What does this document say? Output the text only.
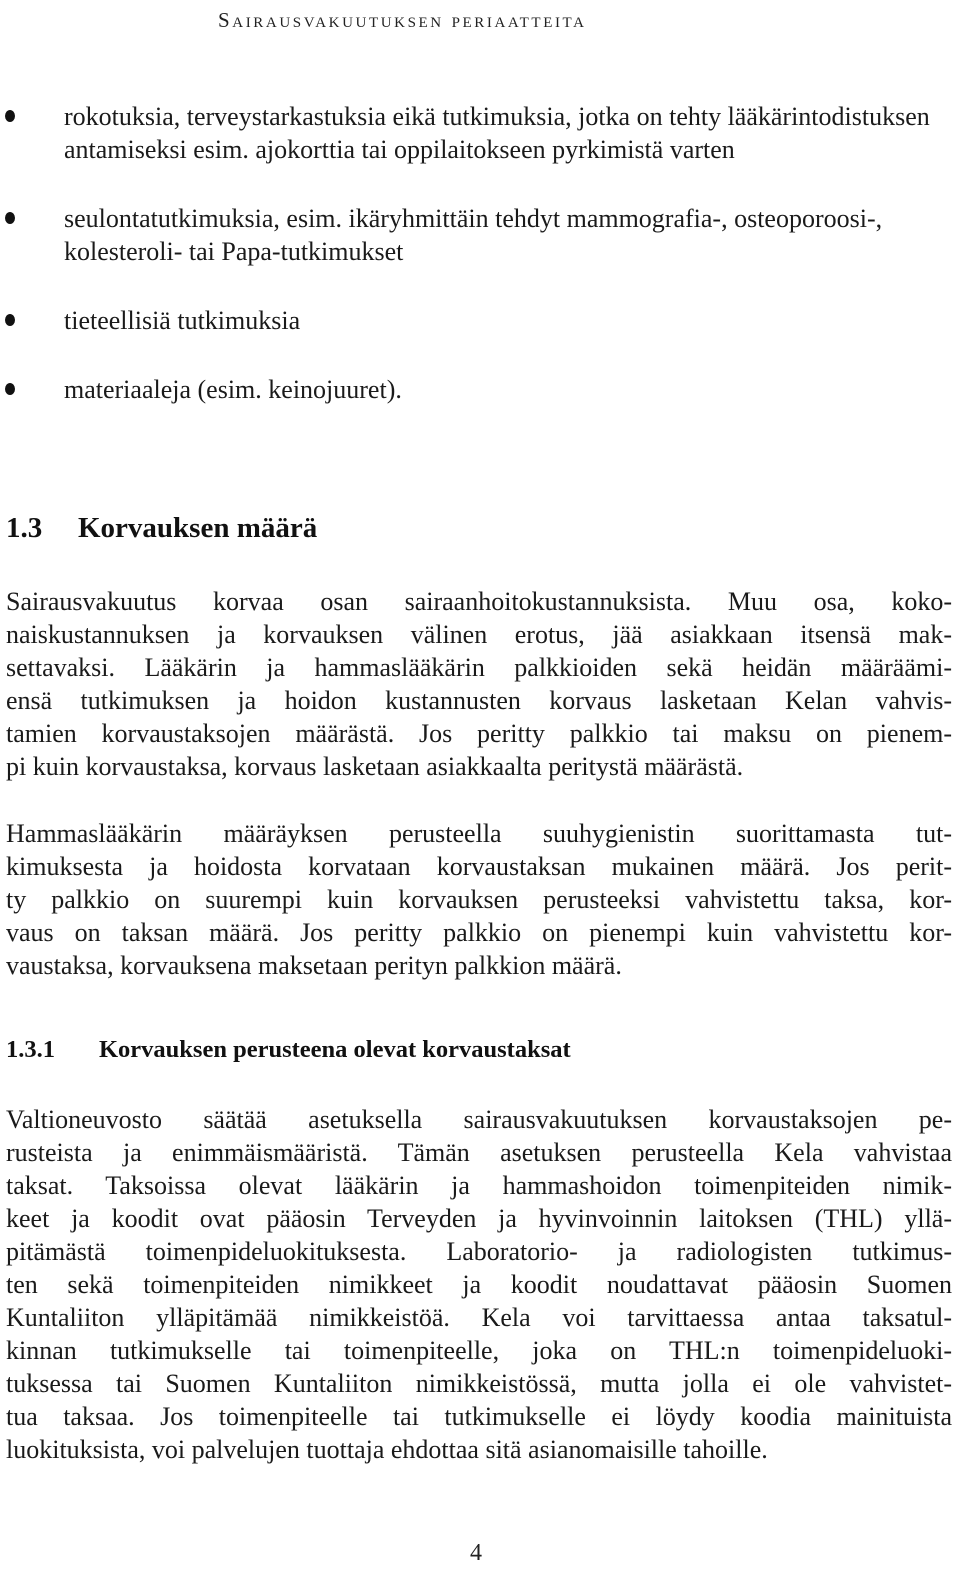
Sairausvakuutuksen periaatteita
rokotuksia, terveystarkastuksia eikä tutkimuksia, jotka on tehty lääkärintodistuksen antamiseksi esim. ajokorttia tai oppilaitokseen pyrkimistä varten
seulontatutkimuksia, esim. ikäryhmittäin tehdyt mammografia-, osteoporoosi-, kolesteroli- tai Papa-tutkimukset
tieteellisiä tutkimuksia
materiaaleja (esim. keinojuuret).
1.3 Korvauksen määrä

Sairausvakuutus korvaa osan sairaanhoitokustannuksista. Muu osa, koko-
naiskustannuksen ja korvauksen välinen erotus, jää asiakkaan itsensä mak-
settavaksi. Lääkärin ja hammaslääkärin palkkioiden sekä heidän määräämi-
ensä tutkimuksen ja hoidon kustannusten korvaus lasketaan Kelan vahvis-
tamien korvaustaksojen määrästä. Jos peritty palkkio tai maksu on pienem-
pi kuin korvaustaksa, korvaus lasketaan asiakkaalta peritystä määrästä.

Hammaslääkärin määräyksen perusteella suuhygienistin suorittamasta tut-
kimuksesta ja hoidosta korvataan korvaustaksan mukainen määrä. Jos perit-
ty palkkio on suurempi kuin korvauksen perusteeksi vahvistettu taksa, kor-
vaus on taksan määrä. Jos peritty palkkio on pienempi kuin vahvistettu kor-
vaustaksa, korvauksena maksetaan perityn palkkion määrä.

1.3.1 Korvauksen perusteena olevat korvaustaksat

Valtioneuvosto säätää asetuksella sairausvakuutuksen korvaustaksojen pe-
rusteista ja enimmäismääristä. Tämän asetuksen perusteella Kela vahvistaa
taksat. Taksoissa olevat lääkärin ja hammashoidon toimenpiteiden nimik-
keet ja koodit ovat pääosin Terveyden ja hyvinvoinnin laitoksen (THL) yllä-
pitämästä toimenpideluokituksesta. Laboratorio- ja radiologisten tutkimus-
ten sekä toimenpiteiden nimikkeet ja koodit noudattavat pääosin Suomen
Kuntaliiton ylläpitämää nimikkeistöä. Kela voi tarvittaessa antaa taksatul-
kinnan tutkimukselle tai toimenpiteelle, joka on THL:n toimenpideluoki-
tuksessa tai Suomen Kuntaliiton nimikkeistössä, mutta jolla ei ole vahvistet-
tua taksaa. Jos toimenpiteelle tai tutkimukselle ei löydy koodia mainituista
luokituksista, voi palvelujen tuottaja ehdottaa sitä asianomaisille tahoille.

4
